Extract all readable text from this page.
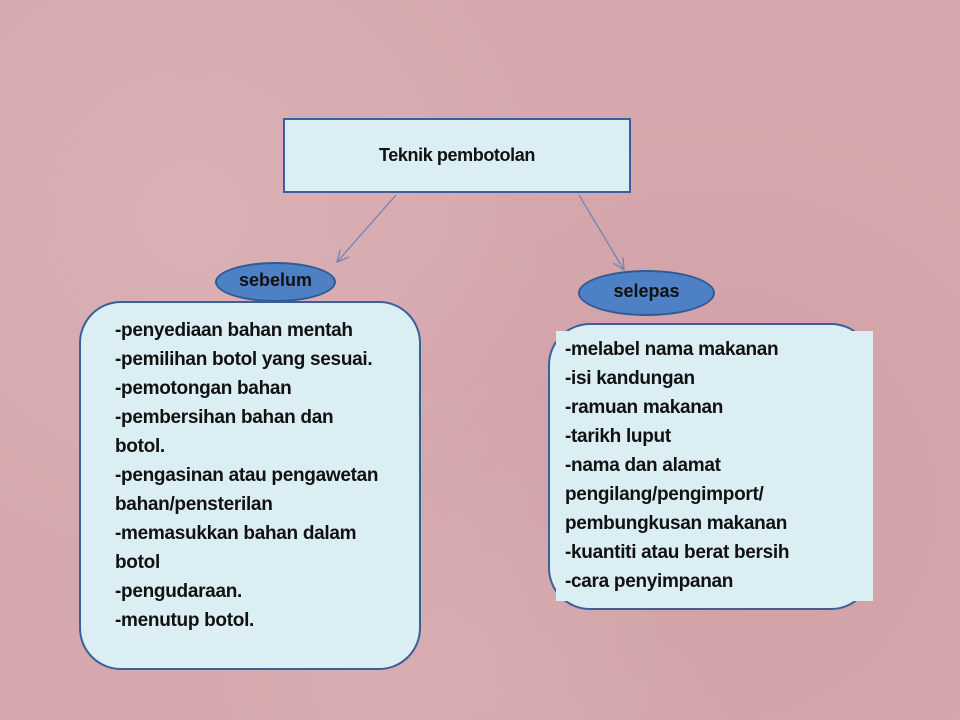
Teknik pembotolan
-penyediaan bahan mentah
-pemilihan botol yang sesuai.
-pemotongan bahan
-pembersihan bahan dan
botol.
-pengasinan atau pengawetan
bahan/pensterilan
-memasukkan bahan dalam
botol
-pengudaraan.
-menutup botol.
-melabel nama makanan
-isi kandungan
-ramuan makanan
-tarikh luput
-nama dan alamat
pengilang/pengimport/
pembungkusan makanan
-kuantiti atau berat bersih
-cara penyimpanan
sebelum
selepas
